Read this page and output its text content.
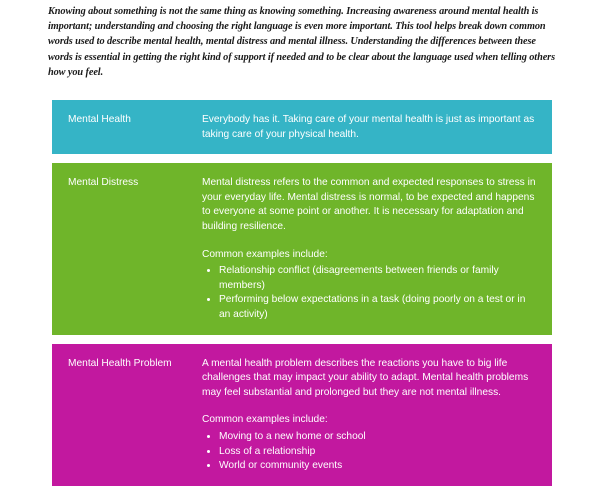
Knowing about something is not the same thing as knowing something. Increasing awareness around mental health is important; understanding and choosing the right language is even more important. This tool helps break down common words used to describe mental health, mental distress and mental illness. Understanding the differences between these words is essential in getting the right kind of support if needed and to be clear about the language used when telling others how you feel.

Mental Health	Everybody has it. Taking care of your mental health is just as important as taking care of your physical health.

Mental Distress	Mental distress refers to the common and expected responses to stress in your everyday life. Mental distress is normal, to be expected and happens to everyone at some point or another. It is necessary for adaptation and building resilience.

Common examples include:

• Relationship conflict (disagreements between friends or family members)
• Performing below expectations in a task (doing poorly on a test or in an activity)
Mental Health Problem	A mental health problem describes the reactions you have to big life challenges that may impact your ability to adapt. Mental health problems may feel substantial and prolonged but they are not mental illness.

Common examples include:

• Moving to a new home or school
• Loss of a relationship
• World or community events
